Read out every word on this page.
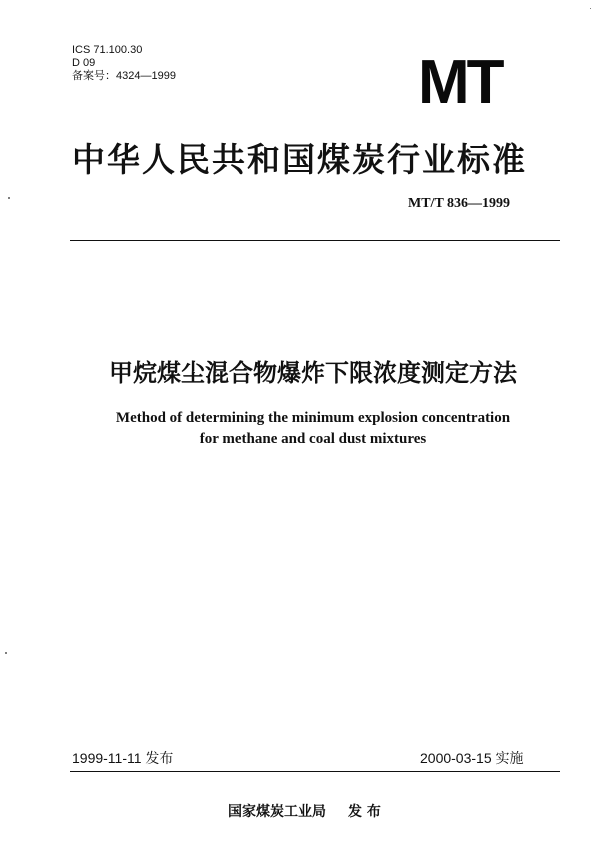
ICS 71.100.30
D 09
备案号：4324—1999	MT
中华人民共和国煤炭行业标准
MT/T 836—1999
甲烷煤尘混合物爆炸下限浓度测定方法
Method of determining the minimum explosion concentration
for methane and coal dust mixtures
1999-11-11 发布	2000-03-15 实施
国家煤炭工业局 发 布
